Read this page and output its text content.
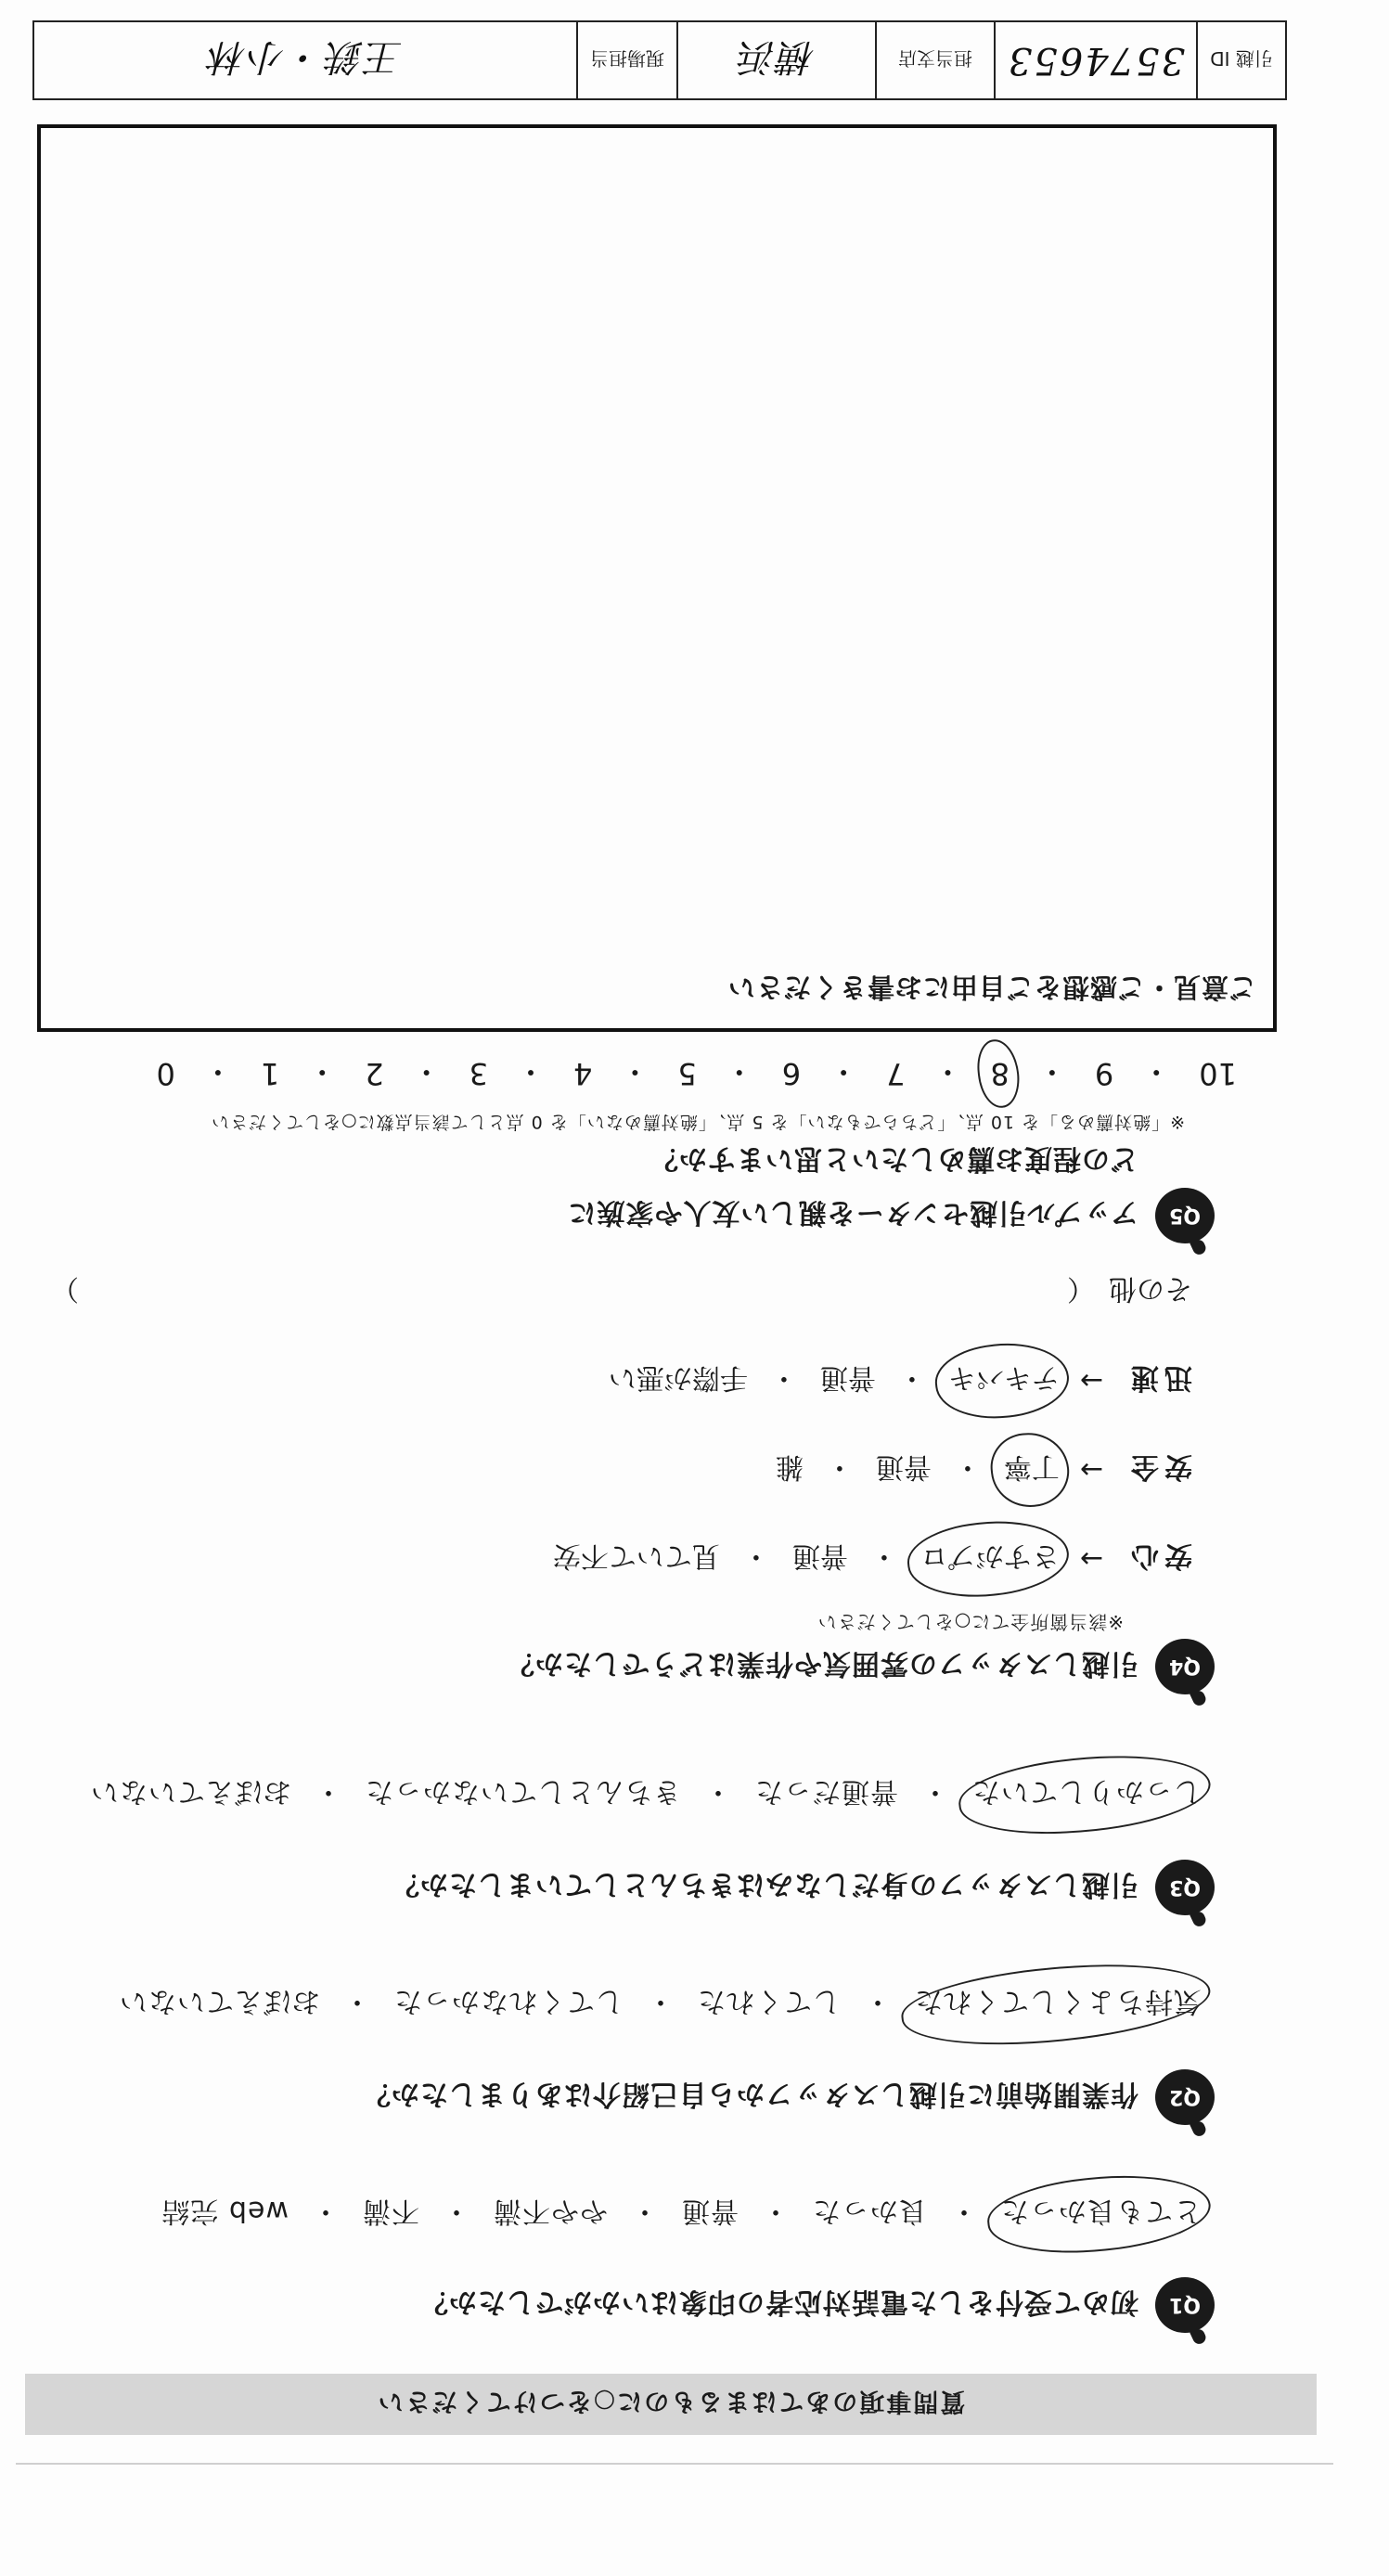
質問事項のあてはまるものに○をつけてください
Q1
初めて受付をした電話対応者の印象はいかがでしたか？
とても良かった
・
良かった
・
普通
・
やや不満
・
不満
・
web 完結
Q2
作業開始前に引越しスタッフから自己紹介はありましたか？
気持ちよくしてくれた
・
してくれた
・
してくれなかった
・
おぼえていない
Q3
引越しスタッフの身だしなみはきちんとしていましたか？
しっかりしていた
・
普通だった
・
きちんとしていなかった
・
おぼえていない
Q4
引越しスタッフの雰囲気や作業はどうでしたか？
※該当箇所全てに○をしてください
安心
→
さすがプロ
・
普通
・
見ていて不安
安全
→
丁寧
・
普通
・
雑
迅速
→
テキパキ
・
普通
・
手際が悪い
その他　（
）
Q5
アップル引越センターを親しい友人や家族に
どの程度お薦めしたいと思いますか？
※「絶対薦める」を 10 点、「どちらでもない」を 5 点、「絶対薦めない」を 0 点として該当点数に○をしてください
10
・
9
・
8
・
7
・
6
・
5
・
4
・
3
・
2
・
1
・
0
ご意見・ご感想をご自由にお書きください
引越 ID
3574653
担当支店
横浜
現場担当
王鉄・小林
